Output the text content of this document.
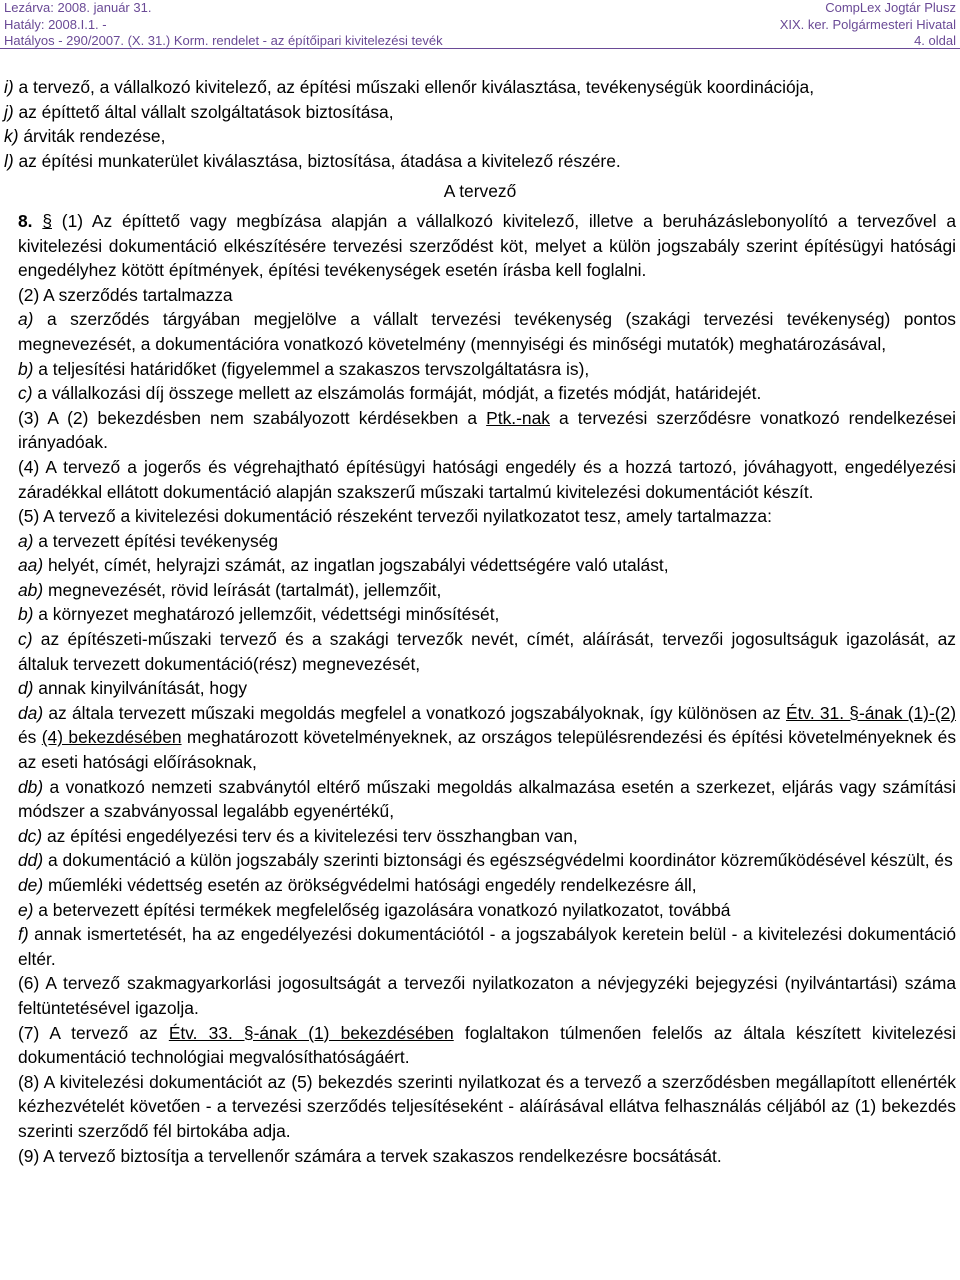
Lezárva: 2008. január 31.
Hatály: 2008.I.1. -
Hatályos - 290/2007. (X. 31.) Korm. rendelet - az építőipari kivitelezési tevék
CompLex Jogtár Plusz
XIX. ker. Polgármesteri Hivatal
4. oldal

i) a tervező, a vállalkozó kivitelező, az építési műszaki ellenőr kiválasztása, tevékenységük koordinációja,

j) az építtető által vállalt szolgáltatások biztosítása,

k) árviták rendezése,

l) az építési munkaterület kiválasztása, biztosítása, átadása a kivitelező részére.

A tervező

8. § (1) Az építtető vagy megbízása alapján a vállalkozó kivitelező, illetve a beruházáslebonyolító a tervezővel a kivitelezési dokumentáció elkészítésére tervezési szerződést köt, melyet a külön jogszabály szerint építésügyi hatósági engedélyhez kötött építmények, építési tevékenységek esetén írásba kell foglalni.

(2) A szerződés tartalmazza

a) a szerződés tárgyában megjelölve a vállalt tervezési tevékenység (szakági tervezési tevékenység) pontos megnevezését, a dokumentációra vonatkozó követelmény (mennyiségi és minőségi mutatók) meghatározásával,

b) a teljesítési határidőket (figyelemmel a szakaszos tervszolgáltatásra is),

c) a vállalkozási díj összege mellett az elszámolás formáját, módját, a fizetés módját, határidejét.

(3) A (2) bekezdésben nem szabályozott kérdésekben a Ptk.-nak a tervezési szerződésre vonatkozó rendelkezései irányadóak.

(4) A tervező a jogerős és végrehajtható építésügyi hatósági engedély és a hozzá tartozó, jóváhagyott, engedélyezési záradékkal ellátott dokumentáció alapján szakszerű műszaki tartalmú kivitelezési dokumentációt készít.

(5) A tervező a kivitelezési dokumentáció részeként tervezői nyilatkozatot tesz, amely tartalmazza:

a) a tervezett építési tevékenység

aa) helyét, címét, helyrajzi számát, az ingatlan jogszabályi védettségére való utalást,

ab) megnevezését, rövid leírását (tartalmát), jellemzőit,

b) a környezet meghatározó jellemzőit, védettségi minősítését,

c) az építészeti-műszaki tervező és a szakági tervezők nevét, címét, aláírását, tervezői jogosultságuk igazolását, az általuk tervezett dokumentáció(rész) megnevezését,

d) annak kinyilvánítását, hogy

da) az általa tervezett műszaki megoldás megfelel a vonatkozó jogszabályoknak, így különösen az Étv. 31. §-ának (1)-(2) és (4) bekezdésében meghatározott követelményeknek, az országos településrendezési és építési követelményeknek és az eseti hatósági előírásoknak,

db) a vonatkozó nemzeti szabványtól eltérő műszaki megoldás alkalmazása esetén a szerkezet, eljárás vagy számítási módszer a szabványossal legalább egyenértékű,

dc) az építési engedélyezési terv és a kivitelezési terv összhangban van,

dd) a dokumentáció a külön jogszabály szerinti biztonsági és egészségvédelmi koordinátor közreműködésével készült, és

de) műemléki védettség esetén az örökségvédelmi hatósági engedély rendelkezésre áll,

e) a betervezett építési termékek megfelelőség igazolására vonatkozó nyilatkozatot, továbbá

f) annak ismertetését, ha az engedélyezési dokumentációtól - a jogszabályok keretein belül - a kivitelezési dokumentáció eltér.

(6) A tervező szakmagyarkorlási jogosultságát a tervezői nyilatkozaton a névjegyzéki bejegyzési (nyilvántartási) száma feltüntetésével igazolja.

(7) A tervező az Étv. 33. §-ának (1) bekezdésében foglaltakon túlmenően felelős az általa készített kivitelezési dokumentáció technológiai megvalósíthatóságáért.

(8) A kivitelezési dokumentációt az (5) bekezdés szerinti nyilatkozat és a tervező a szerződésben megállapított ellenérték kézhezvételét követően - a tervezési szerződés teljesítéseként - aláírásával ellátva felhasználás céljából az (1) bekezdés szerinti szerződő fél birtokába adja.

(9) A tervező biztosítja a tervellenőr számára a tervek szakaszos rendelkezésre bocsátását.
